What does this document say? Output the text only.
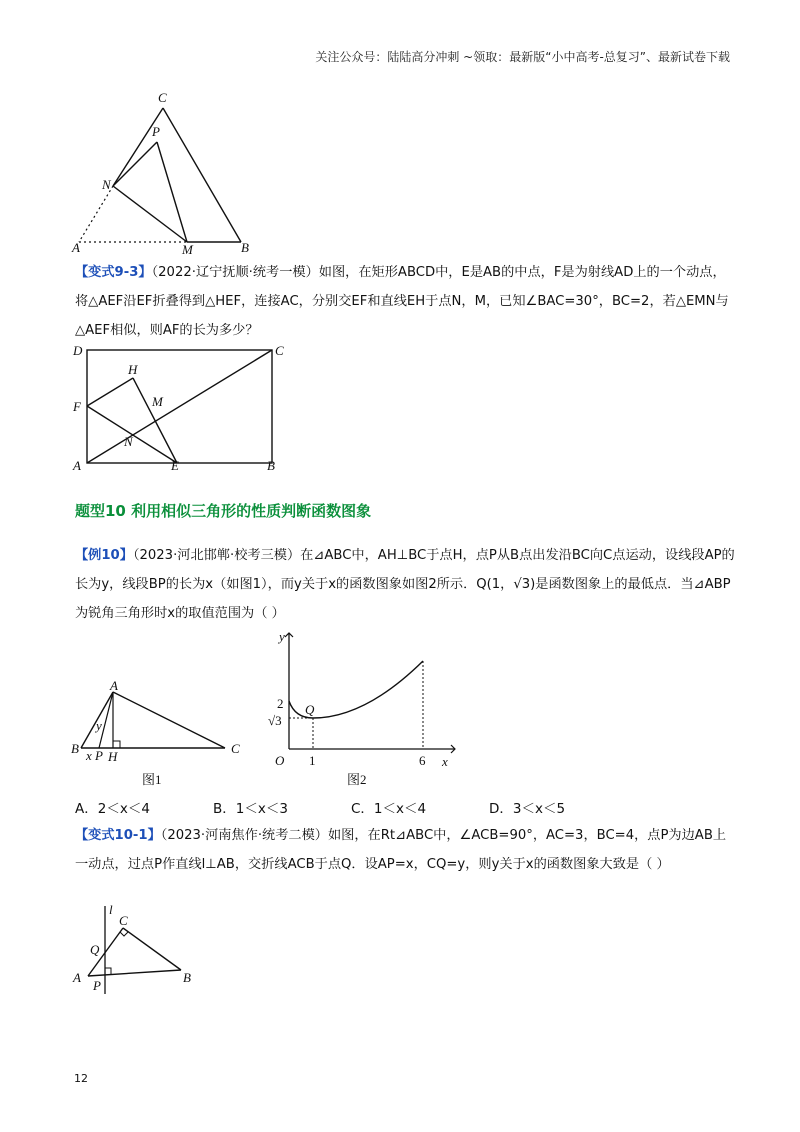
关注公众号：陆陆高分冲刺 ~领取：最新版“小中高考-总复习”、最新试卷下载
C
P
N
A	M	B
【变式9-3】（2022·辽宁抚顺·统考一模）如图，在矩形ABCD中，E是AB的中点，F是为射线AD上的一个动点，将△AEF沿EF折叠得到△HEF，连接AC，分别交EF和直线EH于点N，M，已知∠BAC=30°，BC=2，若△EMN与△AEF相似，则AF的长为多少？
D	C
H
M
F
N
A	E	B
题型10 利用相似三角形的性质判断函数图象
【例10】（2023·河北邯郸·校考三模）在⊿ABC中，AH⊥BC于点H，点P从B点出发沿BC向C点运动，设线段AP的长为y，线段BP的长为x（如图1），而y关于x的函数图象如图2所示．Q(1，√3)是函数图象上的最低点．当⊿ABP为锐角三角形时x的取值范围为（ ）
A
y
B x P H
C
图1
y
2 Q
√3
O 1	6 x
图2
A．2＜x＜4	B．1＜x＜3	C．1＜x＜4	D．3＜x＜5
【变式10-1】（2023·河南焦作·统考二模）如图，在Rt⊿ABC中，∠ACB=90°，AC=3，BC=4，点P为边AB上一动点，过点P作直线l⊥AB，交折线ACB于点Q．设AP=x，CQ=y，则y关于x的函数图象大致是（ ）
l
C
Q
A
P
B
12
